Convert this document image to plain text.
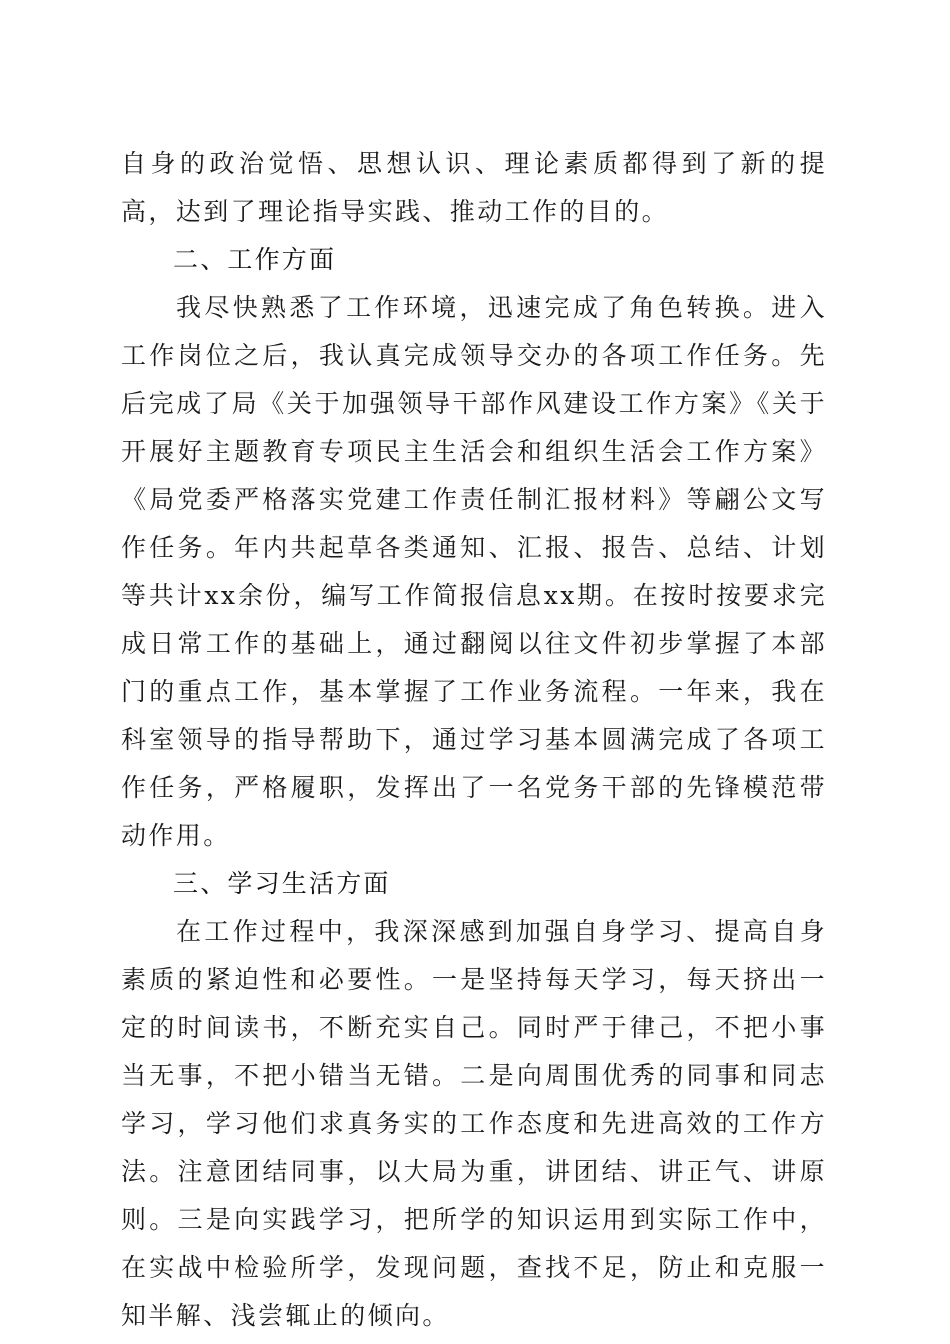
自身的政治觉悟、思想认识、理论素质都得到了新的提高，达到了理论指导实践、推动工作的目的。

二、工作方面

我尽快熟悉了工作环境，迅速完成了角色转换。进入工作岗位之后，我认真完成领导交办的各项工作任务。先后完成了局《关于加强领导干部作风建设工作方案》《关于开展好主题教育专项民主生活会和组织生活会工作方案》《局党委严格落实党建工作责任制汇报材料》等翩公文写作任务。年内共起草各类通知、汇报、报告、总结、计划等共计xx余份，编写工作简报信息xx期。在按时按要求完成日常工作的基础上，通过翻阅以往文件初步掌握了本部门的重点工作，基本掌握了工作业务流程。一年来，我在科室领导的指导帮助下，通过学习基本圆满完成了各项工作任务，严格履职，发挥出了一名党务干部的先锋模范带动作用。

三、学习生活方面

在工作过程中，我深深感到加强自身学习、提高自身素质的紧迫性和必要性。一是坚持每天学习，每天挤出一定的时间读书，不断充实自己。同时严于律己，不把小事当无事，不把小错当无错。二是向周围优秀的同事和同志学习，学习他们求真务实的工作态度和先进高效的工作方法。注意团结同事，以大局为重，讲团结、讲正气、讲原则。三是向实践学习，把所学的知识运用到实际工作中，在实战中检验所学，发现问题，查找不足，防止和克服一知半解、浅尝辄止的倾向。
